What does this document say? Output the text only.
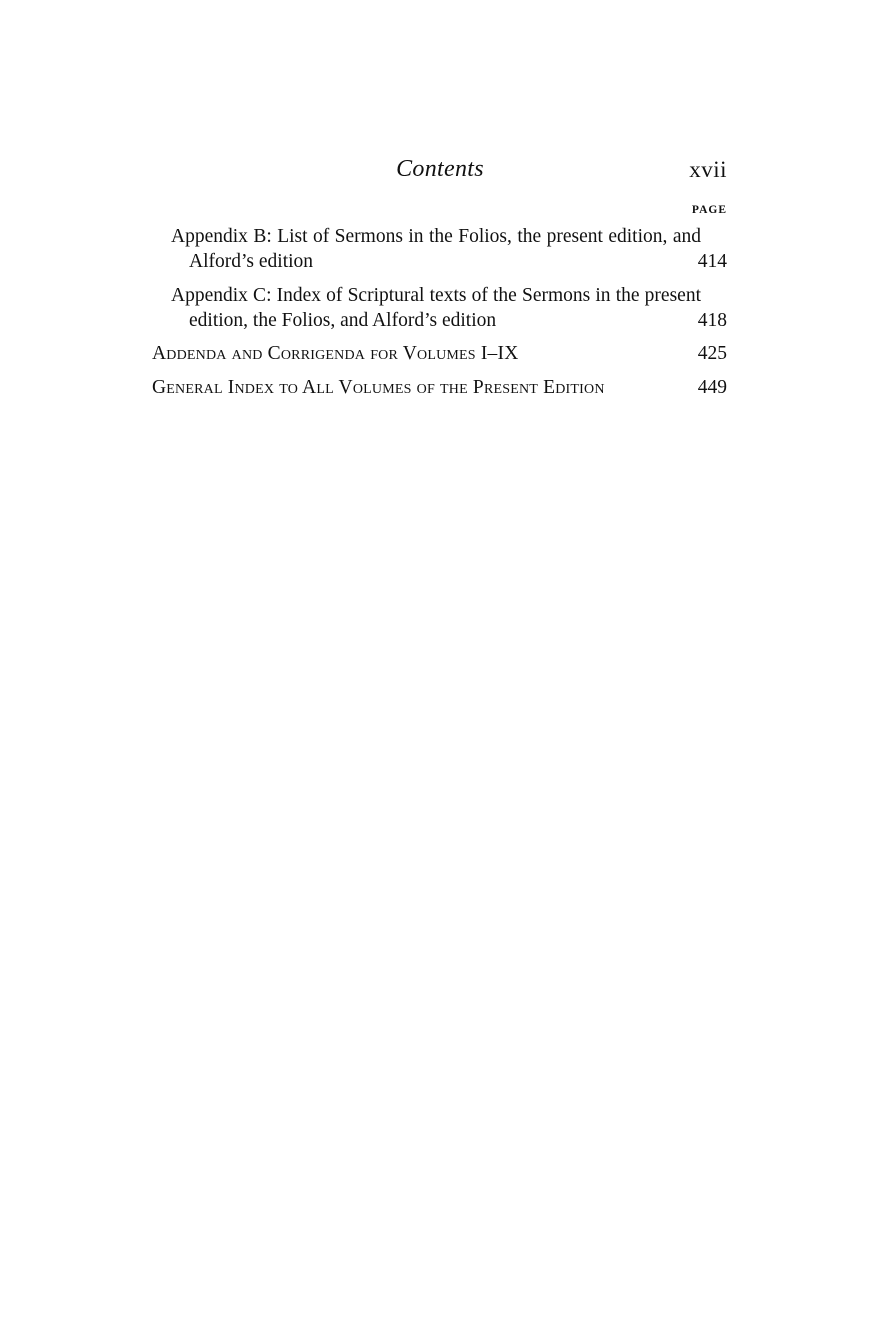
Contents	xvii
PAGE
Appendix B: List of Sermons in the Folios, the present edition, and Alford’s edition	414
Appendix C: Index of Scriptural texts of the Sermons in the present edition, the Folios, and Alford’s edition	418
Addenda and Corrigenda for Volumes I–IX	425
General Index to All Volumes of the Present Edition	449
